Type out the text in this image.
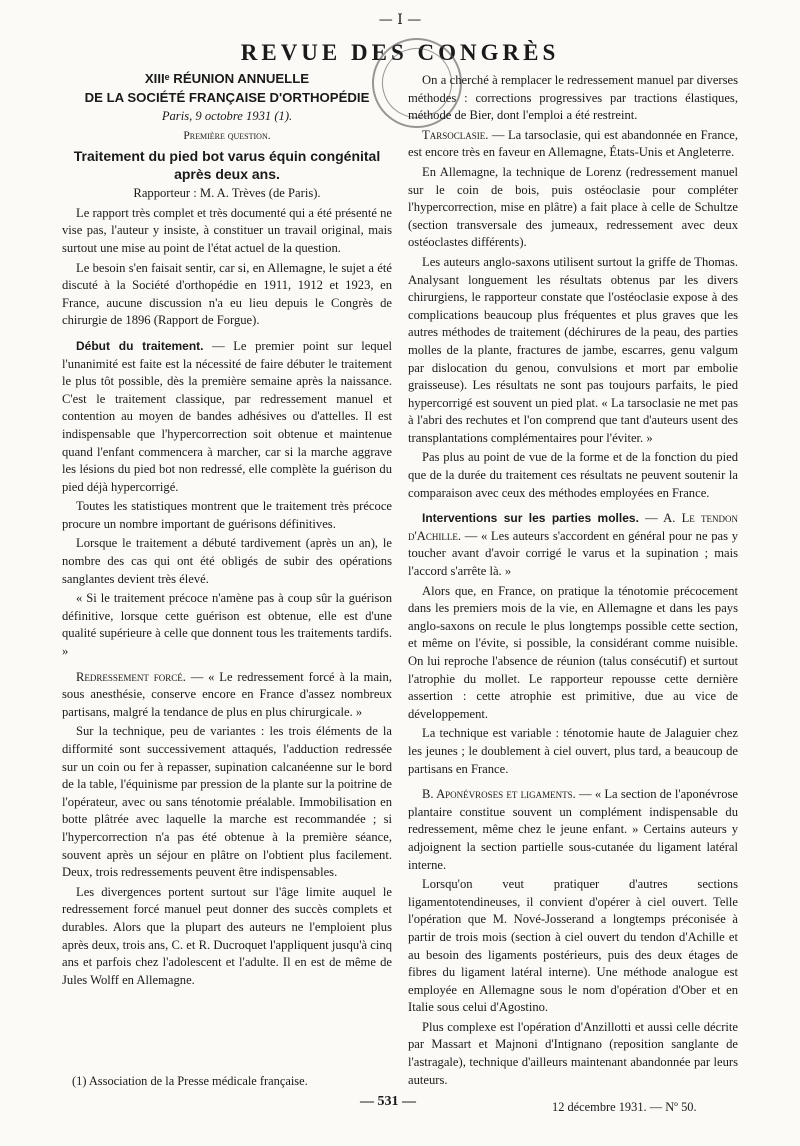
— I —
REVUE DES CONGRÈS

XIIIᵉ RÉUNION ANNUELLE

DE LA SOCIÉTÉ FRANÇAISE D'ORTHOPÉDIE

Paris, 9 octobre 1931 (1).

Première question.

Traitement du pied bot varus équin congénital après deux ans.

Rapporteur : M. A. Trèves (de Paris).

Le rapport très complet et très documenté qui a été présenté ne vise pas, l'auteur y insiste, à constituer un travail original, mais surtout une mise au point de l'état actuel de la question.

Le besoin s'en faisait sentir, car si, en Allemagne, le sujet a été discuté à la Société d'orthopédie en 1911, 1912 et 1923, en France, aucune discussion n'a eu lieu depuis le Congrès de chirurgie de 1896 (Rapport de Forgue).

Début du traitement. — Le premier point sur lequel l'unanimité est faite est la nécessité de faire débuter le traitement le plus tôt possible, dès la première semaine après la naissance. C'est le traitement classique, par redressement manuel et contention au moyen de bandes adhésives ou d'attelles. Il est indispensable que l'hypercorrection soit obtenue et maintenue quand l'enfant commencera à marcher, car si la marche aggrave les lésions du pied bot non redressé, elle complète la guérison du pied déjà hypercorrigé.

Toutes les statistiques montrent que le traitement très précoce procure un nombre important de guérisons définitives.

Lorsque le traitement a débuté tardivement (après un an), le nombre des cas qui ont été obligés de subir des opérations sanglantes devient très élevé.

« Si le traitement précoce n'amène pas à coup sûr la guérison définitive, lorsque cette guérison est obtenue, elle est d'une qualité supérieure à celle que donnent tous les traitements tardifs. »

Redressement forcé. — « Le redressement forcé à la main, sous anesthésie, conserve encore en France d'assez nombreux partisans, malgré la tendance de plus en plus chirurgicale. »

Sur la technique, peu de variantes : les trois éléments de la difformité sont successivement attaqués, l'adduction redressée sur un coin ou fer à repasser, supination calcanéenne sur le bord de la table, l'équinisme par pression de la plante sur la poitrine de l'opérateur, avec ou sans ténotomie préalable. Immobilisation en botte plâtrée avec laquelle la marche est recommandée ; si l'hypercorrection n'a pas été obtenue à la première séance, souvent après un séjour en plâtre on l'obtient plus facilement. Deux, trois redressements peuvent être indispensables.

Les divergences portent surtout sur l'âge limite auquel le redressement forcé manuel peut donner des succès complets et durables. Alors que la plupart des auteurs ne l'emploient plus après deux, trois ans, C. et R. Ducroquet l'appliquent jusqu'à cinq ans et parfois chez l'adolescent et l'adulte. Il en est de même de Jules Wolff en Allemagne.

On a cherché à remplacer le redressement manuel par diverses méthodes : corrections progressives par tractions élastiques, méthode de Bier, dont l'emploi a été restreint.

Tarsoclasie. — La tarsoclasie, qui est abandonnée en France, est encore très en faveur en Allemagne, États-Unis et Angleterre.

En Allemagne, la technique de Lorenz (redressement manuel sur le coin de bois, puis ostéoclasie pour compléter l'hypercorrection, mise en plâtre) a fait place à celle de Schultze (section transversale des jumeaux, redressement avec deux ostéoclastes différents).

Les auteurs anglo-saxons utilisent surtout la griffe de Thomas. Analysant longuement les résultats obtenus par les divers chirurgiens, le rapporteur constate que l'ostéoclasie expose à des complications beaucoup plus fréquentes et plus graves que les autres méthodes de traitement (déchirures de la peau, des parties molles de la plante, fractures de jambe, escarres, genu valgum par dislocation du genou, convulsions et mort par embolie graisseuse). Les résultats ne sont pas toujours parfaits, le pied hypercorrigé est souvent un pied plat. « La tarsoclasie ne met pas à l'abri des rechutes et l'on comprend que tant d'auteurs usent des transplantations complémentaires pour l'éviter. »

Pas plus au point de vue de la forme et de la fonction du pied que de la durée du traitement ces résultats ne peuvent soutenir la comparaison avec ceux des méthodes employées en France.

Interventions sur les parties molles. — A. Le tendon d'Achille. — « Les auteurs s'accordent en général pour ne pas y toucher avant d'avoir corrigé le varus et la supination ; mais l'accord s'arrête là. »

Alors que, en France, on pratique la ténotomie précocement dans les premiers mois de la vie, en Allemagne et dans les pays anglo-saxons on recule le plus longtemps possible cette section, et même on l'évite, si possible, la considérant comme nuisible. On lui reproche l'absence de réunion (talus consécutif) et surtout l'atrophie du mollet. Le rapporteur repousse cette dernière assertion : cette atrophie est primitive, due au vice de développement.

La technique est variable : ténotomie haute de Jalaguier chez les jeunes ; le doublement à ciel ouvert, plus tard, a beaucoup de partisans en France.

B. Aponévroses et ligaments. — « La section de l'aponévrose plantaire constitue souvent un complément indispensable du redressement, même chez le jeune enfant. » Certains auteurs y adjoignent la section partielle sous-cutanée du ligament latéral interne.

Lorsqu'on veut pratiquer d'autres sections ligamentotendineuses, il convient d'opérer à ciel ouvert. Telle l'opération que M. Nové-Josserand a longtemps préconisée à partir de trois mois (section à ciel ouvert du tendon d'Achille et au besoin des ligaments postérieurs, puis des deux étages de fibres du ligament latéral interne). Une méthode analogue est employée en Allemagne sous le nom d'opération d'Ober et en Italie sous celui d'Agostino.

Plus complexe est l'opération d'Anzillotti et aussi celle décrite par Massart et Majnoni d'Intignano (reposition sanglante de l'astragale), technique d'ailleurs maintenant abandonnée par leurs auteurs.

(1) Association de la Presse médicale française.
— 531 —	12 décembre 1931. — Nº 50.
